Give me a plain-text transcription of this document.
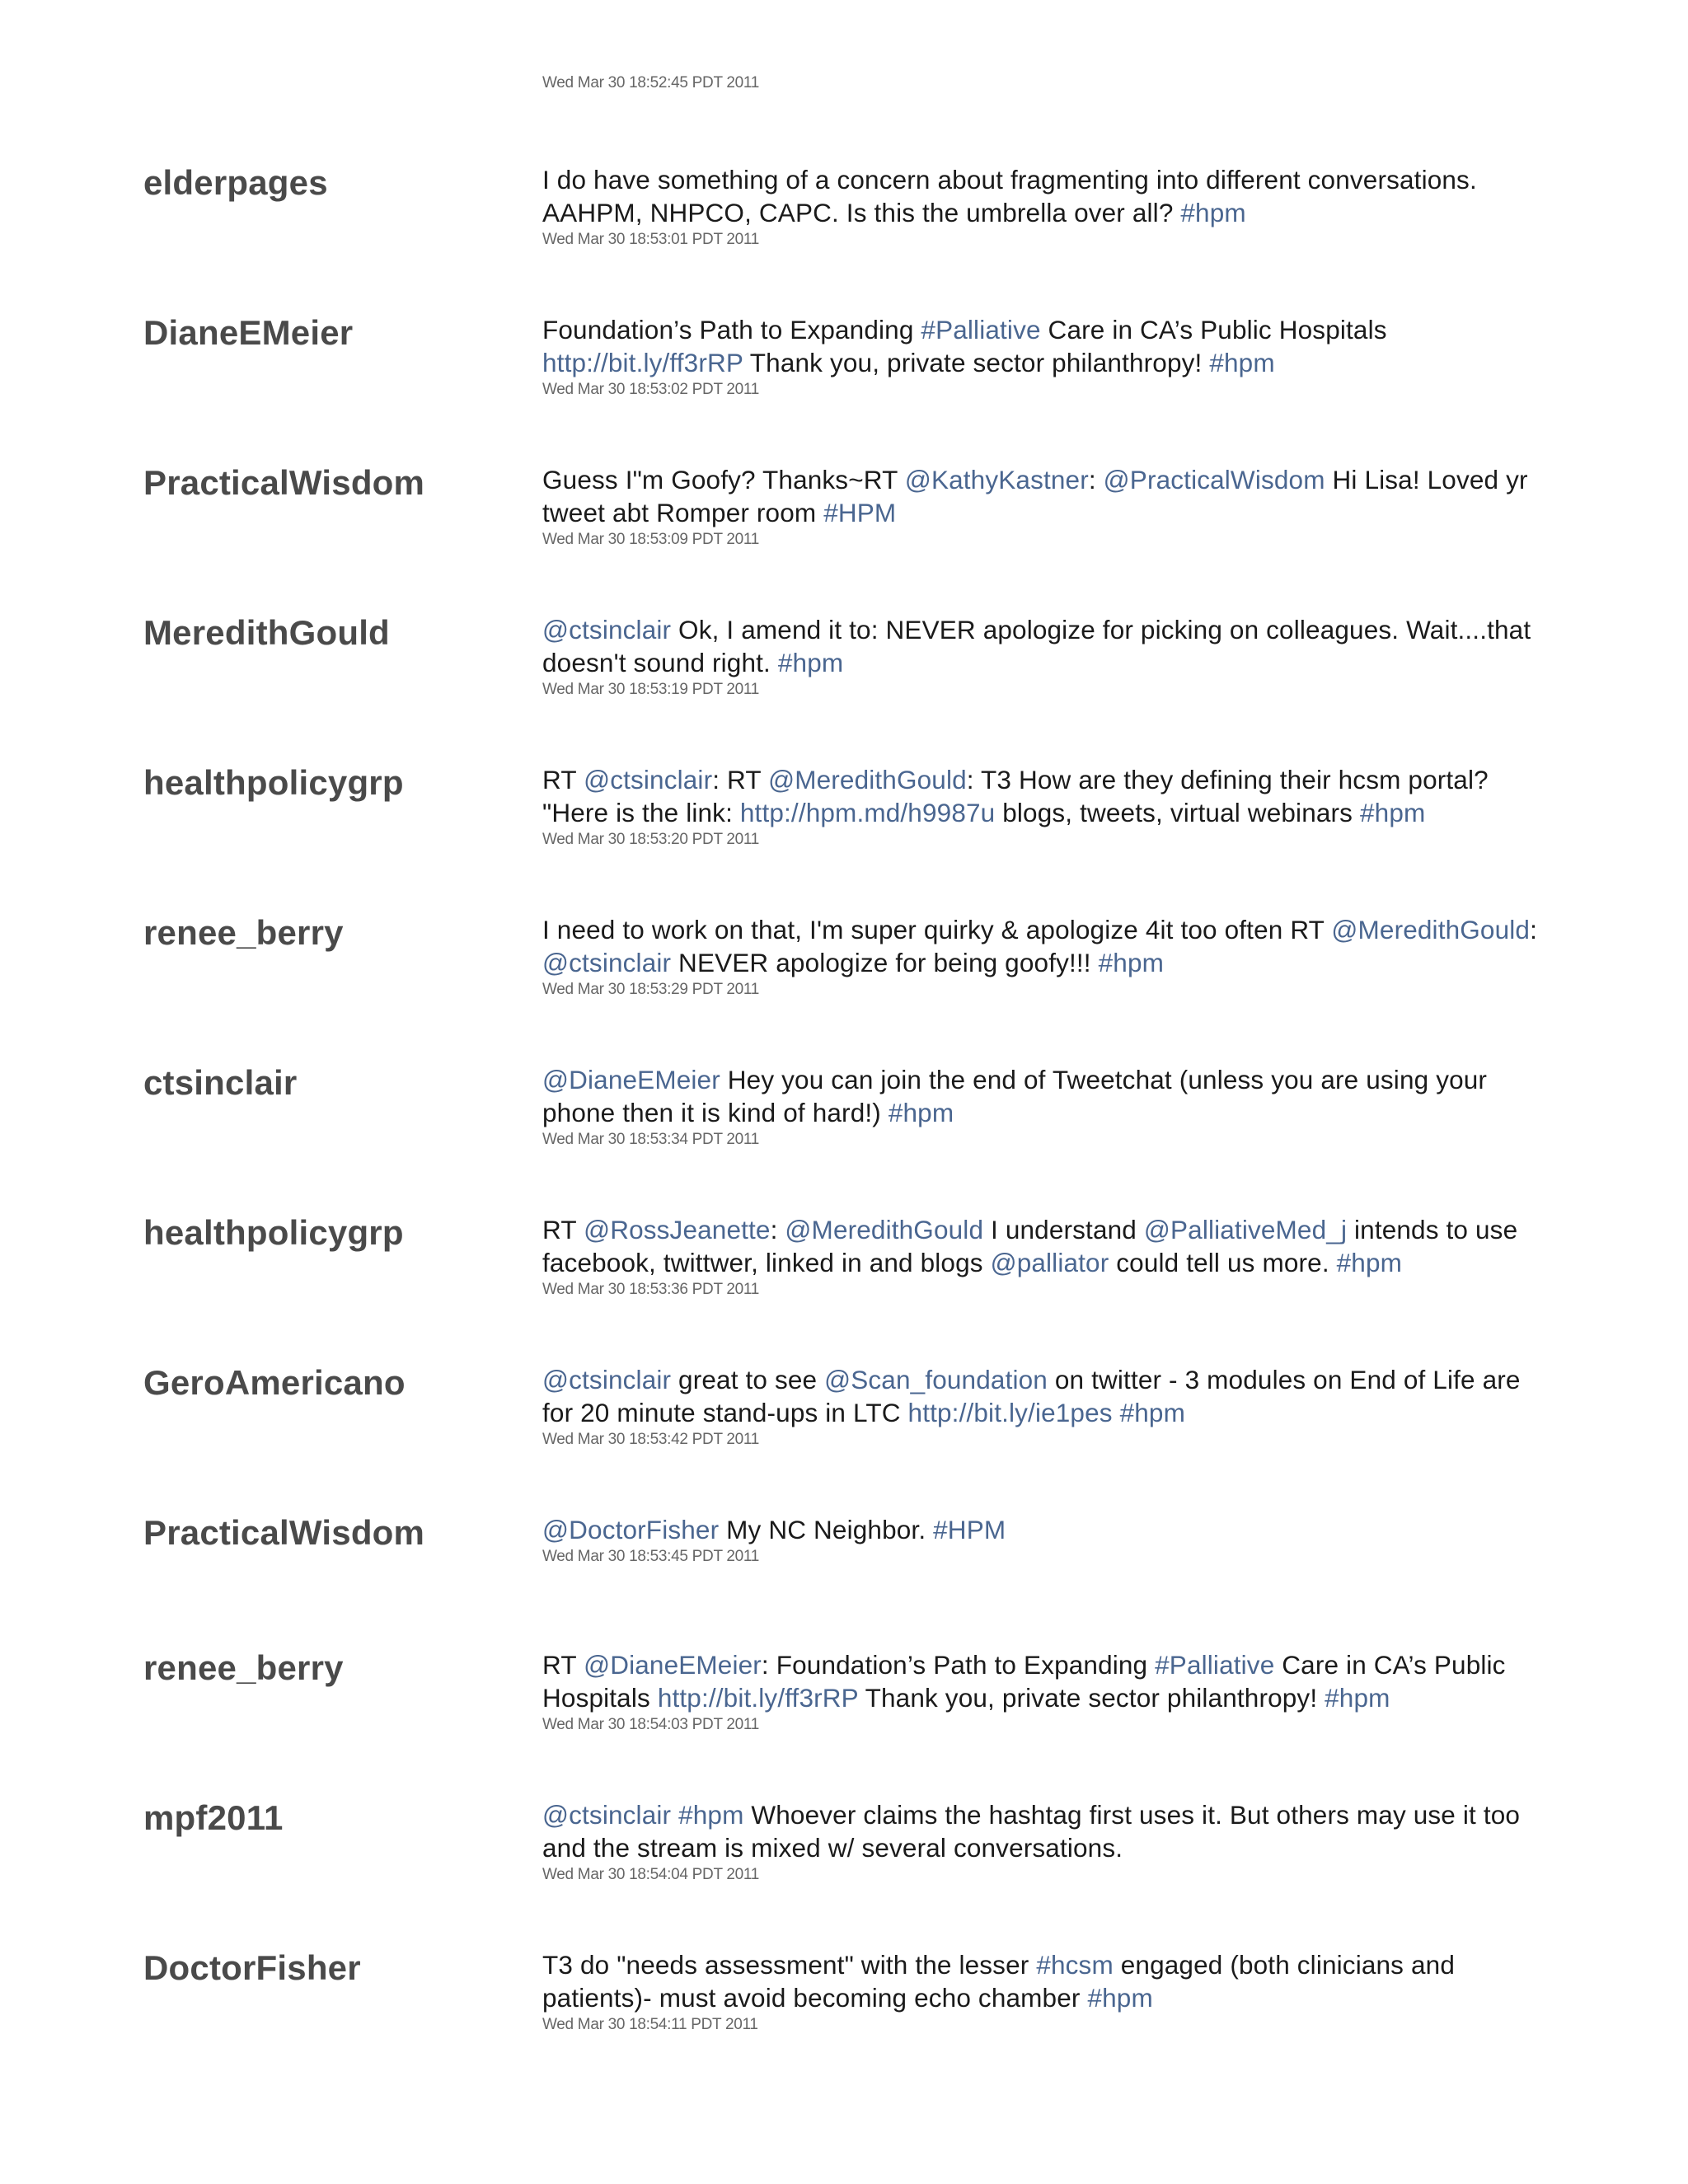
Wed Mar 30 18:52:45 PDT 2011
elderpages	I do have something of a concern about fragmenting into different conversations. AAHPM, NHPCO, CAPC. Is this the umbrella over all? #hpm
Wed Mar 30 18:53:01 PDT 2011
DianeEMeier	Foundation’s Path to Expanding #Palliative Care in CA’s Public Hospitals http://bit.ly/ff3rRP Thank you, private sector philanthropy! #hpm
Wed Mar 30 18:53:02 PDT 2011
PracticalWisdom	Guess I"m Goofy? Thanks~RT @KathyKastner: @PracticalWisdom Hi Lisa! Loved yr tweet abt Romper room #HPM
Wed Mar 30 18:53:09 PDT 2011
MeredithGould	@ctsinclair Ok, I amend it to: NEVER apologize for picking on colleagues. Wait....that doesn't sound right. #hpm
Wed Mar 30 18:53:19 PDT 2011
healthpolicygrp	RT @ctsinclair: RT @MeredithGould: T3 How are they defining their hcsm portal? "Here is the link: http://hpm.md/h9987u blogs, tweets, virtual webinars #hpm
Wed Mar 30 18:53:20 PDT 2011
renee_berry	I need to work on that, I'm super quirky & apologize 4it too often RT @MeredithGould: @ctsinclair NEVER apologize for being goofy!!! #hpm
Wed Mar 30 18:53:29 PDT 2011
ctsinclair	@DianeEMeier Hey you can join the end of Tweetchat (unless you are using your phone then it is kind of hard!) #hpm
Wed Mar 30 18:53:34 PDT 2011
healthpolicygrp	RT @RossJeanette: @MeredithGould I understand @PalliativeMed_j intends to use facebook, twittwer, linked in and blogs @palliator could tell us more. #hpm
Wed Mar 30 18:53:36 PDT 2011
GeroAmericano	@ctsinclair great to see @Scan_foundation on twitter - 3 modules on End of Life are for 20 minute stand-ups in LTC http://bit.ly/ie1pes #hpm
Wed Mar 30 18:53:42 PDT 2011
PracticalWisdom	@DoctorFisher My NC Neighbor. #HPM
Wed Mar 30 18:53:45 PDT 2011
renee_berry	RT @DianeEMeier: Foundation’s Path to Expanding #Palliative Care in CA’s Public Hospitals http://bit.ly/ff3rRP Thank you, private sector philanthropy! #hpm
Wed Mar 30 18:54:03 PDT 2011
mpf2011	@ctsinclair #hpm Whoever claims the hashtag first uses it. But others may use it too and the stream is mixed w/ several conversations.
Wed Mar 30 18:54:04 PDT 2011
DoctorFisher	T3 do "needs assessment" with the lesser #hcsm engaged (both clinicians and patients)- must avoid becoming echo chamber #hpm
Wed Mar 30 18:54:11 PDT 2011
